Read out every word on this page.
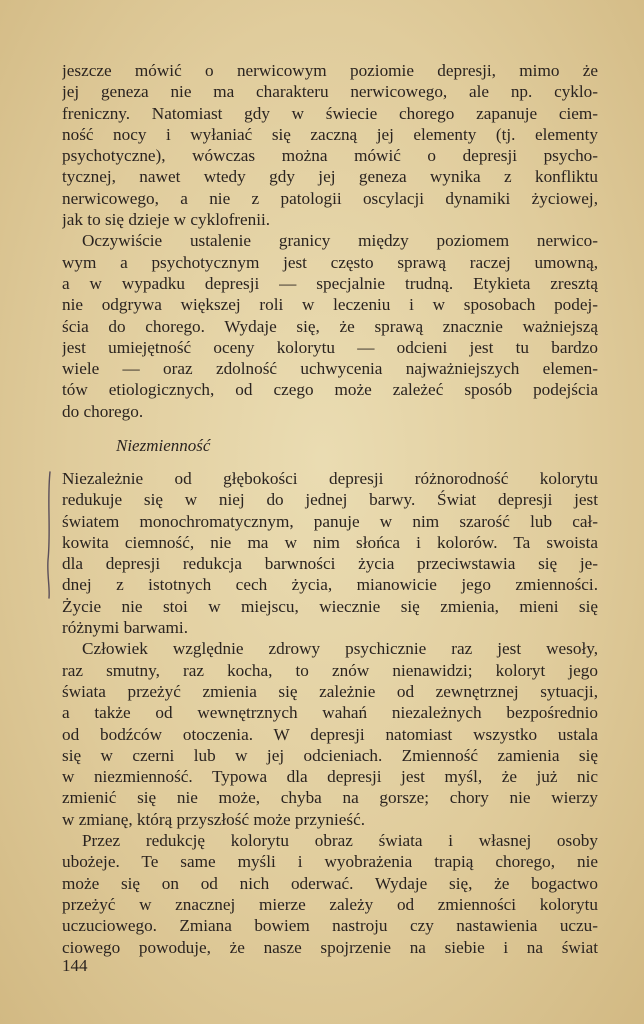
jeszcze mówić o nerwicowym poziomie depresji, mimo że
jej geneza nie ma charakteru nerwicowego, ale np. cyklo-
freniczny. Natomiast gdy w świecie chorego zapanuje ciem-
ność nocy i wyłaniać się zaczną jej elementy (tj. elementy
psychotyczne), wówczas można mówić o depresji psycho-
tycznej, nawet wtedy gdy jej geneza wynika z konfliktu
nerwicowego, a nie z patologii oscylacji dynamiki życiowej,
jak to się dzieje w cyklofrenii.
Oczywiście ustalenie granicy między poziomem nerwico-
wym a psychotycznym jest często sprawą raczej umowną,
a w wypadku depresji — specjalnie trudną. Etykieta zresztą
nie odgrywa większej roli w leczeniu i w sposobach podej-
ścia do chorego. Wydaje się, że sprawą znacznie ważniejszą
jest umiejętność oceny kolorytu — odcieni jest tu bardzo
wiele — oraz zdolność uchwycenia najważniejszych elemen-
tów etiologicznych, od czego może zależeć sposób podejścia
do chorego.
Niezmienność
Niezależnie od głębokości depresji różnorodność kolorytu
redukuje się w niej do jednej barwy. Świat depresji jest
światem monochromatycznym, panuje w nim szarość lub cał-
kowita ciemność, nie ma w nim słońca i kolorów. Ta swoista
dla depresji redukcja barwności życia przeciwstawia się je-
dnej z istotnych cech życia, mianowicie jego zmienności.
Życie nie stoi w miejscu, wiecznie się zmienia, mieni się
różnymi barwami.
Człowiek względnie zdrowy psychicznie raz jest wesoły,
raz smutny, raz kocha, to znów nienawidzi; koloryt jego
świata przeżyć zmienia się zależnie od zewnętrznej sytuacji,
a także od wewnętrznych wahań niezależnych bezpośrednio
od bodźców otoczenia. W depresji natomiast wszystko ustala
się w czerni lub w jej odcieniach. Zmienność zamienia się
w niezmienność. Typowa dla depresji jest myśl, że już nic
zmienić się nie może, chyba na gorsze; chory nie wierzy
w zmianę, którą przyszłość może przynieść.
Przez redukcję kolorytu obraz świata i własnej osoby
ubożeje. Te same myśli i wyobrażenia trapią chorego, nie
może się on od nich oderwać. Wydaje się, że bogactwo
przeżyć w znacznej mierze zależy od zmienności kolorytu
uczuciowego. Zmiana bowiem nastroju czy nastawienia uczu-
ciowego powoduje, że nasze spojrzenie na siebie i na świat
144
